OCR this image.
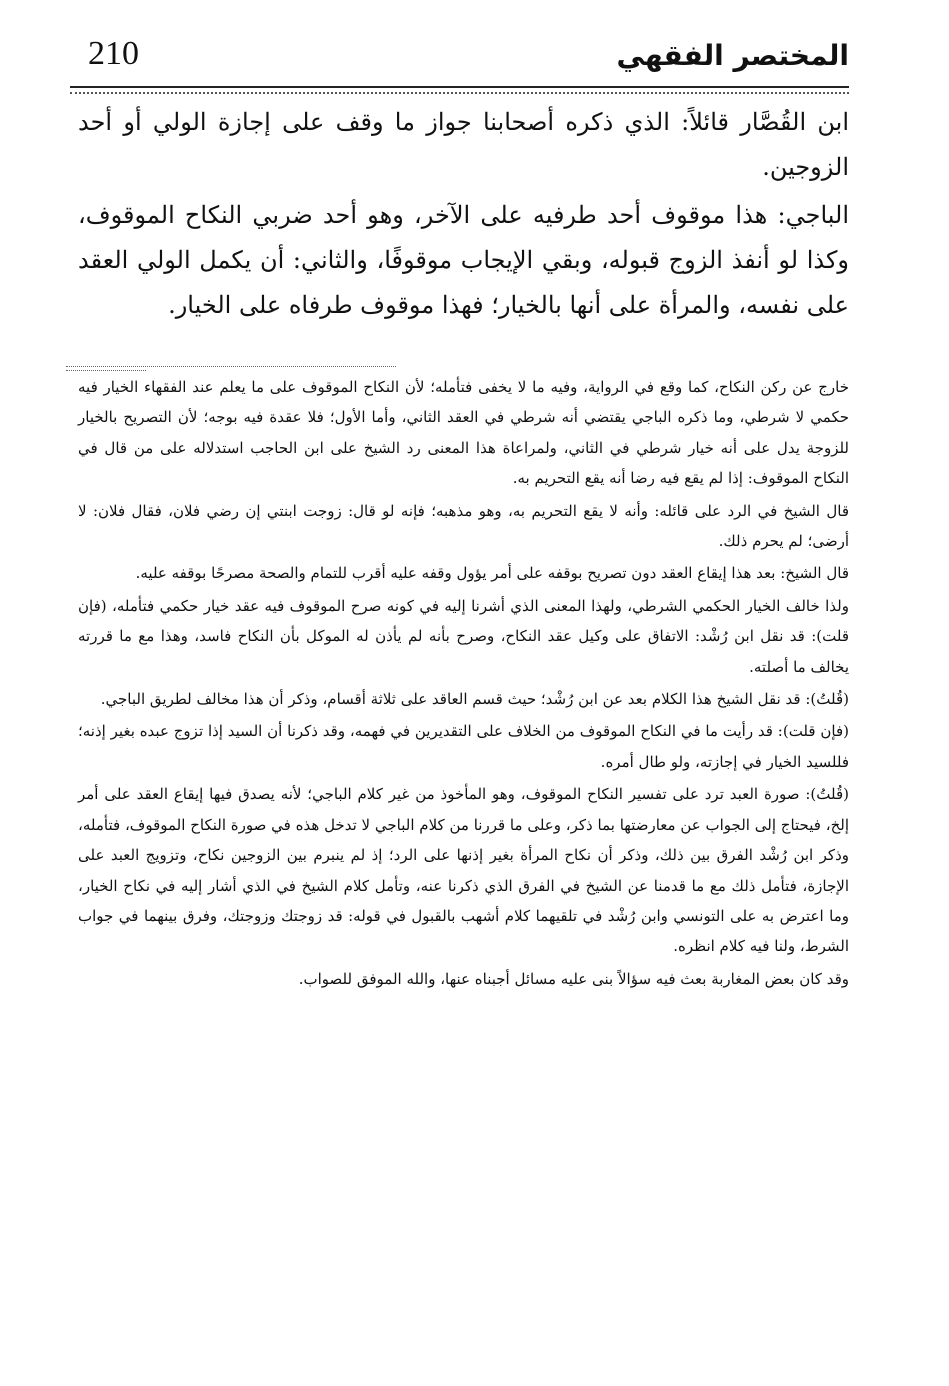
210	المختصر الفقهي

ابن القُصَّار قائلاً: الذي ذكره أصحابنا جواز ما وقف على إجازة الولي أو أحد الزوجين.

الباجي: هذا موقوف أحد طرفيه على الآخر، وهو أحد ضربي النكاح الموقوف، وكذا لو أنفذ الزوج قبوله، وبقي الإيجاب موقوفًا، والثاني: أن يكمل الولي العقد على نفسه، والمرأة على أنها بالخيار؛ فهذا موقوف طرفاه على الخيار.

خارج عن ركن النكاح، كما وقع في الرواية، وفيه ما لا يخفى فتأمله؛ لأن النكاح الموقوف على ما يعلم عند الفقهاء الخيار فيه حكمي لا شرطي، وما ذكره الباجي يقتضي أنه شرطي في العقد الثاني، وأما الأول؛ فلا عقدة فيه بوجه؛ لأن التصريح بالخيار للزوجة يدل على أنه خيار شرطي في الثاني، ولمراعاة هذا المعنى رد الشيخ على ابن الحاجب استدلاله على من قال في النكاح الموقوف: إذا لم يقع فيه رضا أنه يقع التحريم به.

قال الشيخ في الرد على قائله: وأنه لا يقع التحريم به، وهو مذهبه؛ فإنه لو قال: زوجت ابنتي إن رضي فلان، فقال فلان: لا أرضى؛ لم يحرم ذلك.

قال الشيخ: بعد هذا إيقاع العقد دون تصريح بوقفه على أمر يؤول وقفه عليه أقرب للتمام والصحة مصرحًا بوقفه عليه.

ولذا خالف الخيار الحكمي الشرطي، ولهذا المعنى الذي أشرنا إليه في كونه صرح الموقوف فيه عقد خيار حكمي فتأمله، (فإن قلت): قد نقل ابن رُشْد: الاتفاق على وكيل عقد النكاح، وصرح بأنه لم يأذن له الموكل بأن النكاح فاسد، وهذا مع ما قررته يخالف ما أصلته.

(قُلتُ): قد نقل الشيخ هذا الكلام بعد عن ابن رُشْد؛ حيث قسم العاقد على ثلاثة أقسام، وذكر أن هذا مخالف لطريق الباجي.

(فإن قلت): قد رأيت ما في النكاح الموقوف من الخلاف على التقديرين في فهمه، وقد ذكرنا أن السيد إذا تزوج عبده بغير إذنه؛ فللسيد الخيار في إجازته، ولو طال أمره.

(قُلتُ): صورة العبد ترد على تفسير النكاح الموقوف، وهو المأخوذ من غير كلام الباجي؛ لأنه يصدق فيها إيقاع العقد على أمر إلخ، فيحتاج إلى الجواب عن معارضتها بما ذكر، وعلى ما قررنا من كلام الباجي لا تدخل هذه في صورة النكاح الموقوف، فتأمله، وذكر ابن رُشْد الفرق بين ذلك، وذكر أن نكاح المرأة بغير إذنها على الرد؛ إذ لم ينبرم بين الزوجين نكاح، وتزويج العبد على الإجازة، فتأمل ذلك مع ما قدمنا عن الشيخ في الفرق الذي ذكرنا عنه، وتأمل كلام الشيخ في الذي أشار إليه في نكاح الخيار، وما اعترض به على التونسي وابن رُشْد في تلقيهما كلام أشهب بالقبول في قوله: قد زوجتك وزوجتك، وفرق بينهما في جواب الشرط، ولنا فيه كلام انظره.

وقد كان بعض المغاربة بعث فيه سؤالاً بنى عليه مسائل أجبناه عنها، والله الموفق للصواب.
